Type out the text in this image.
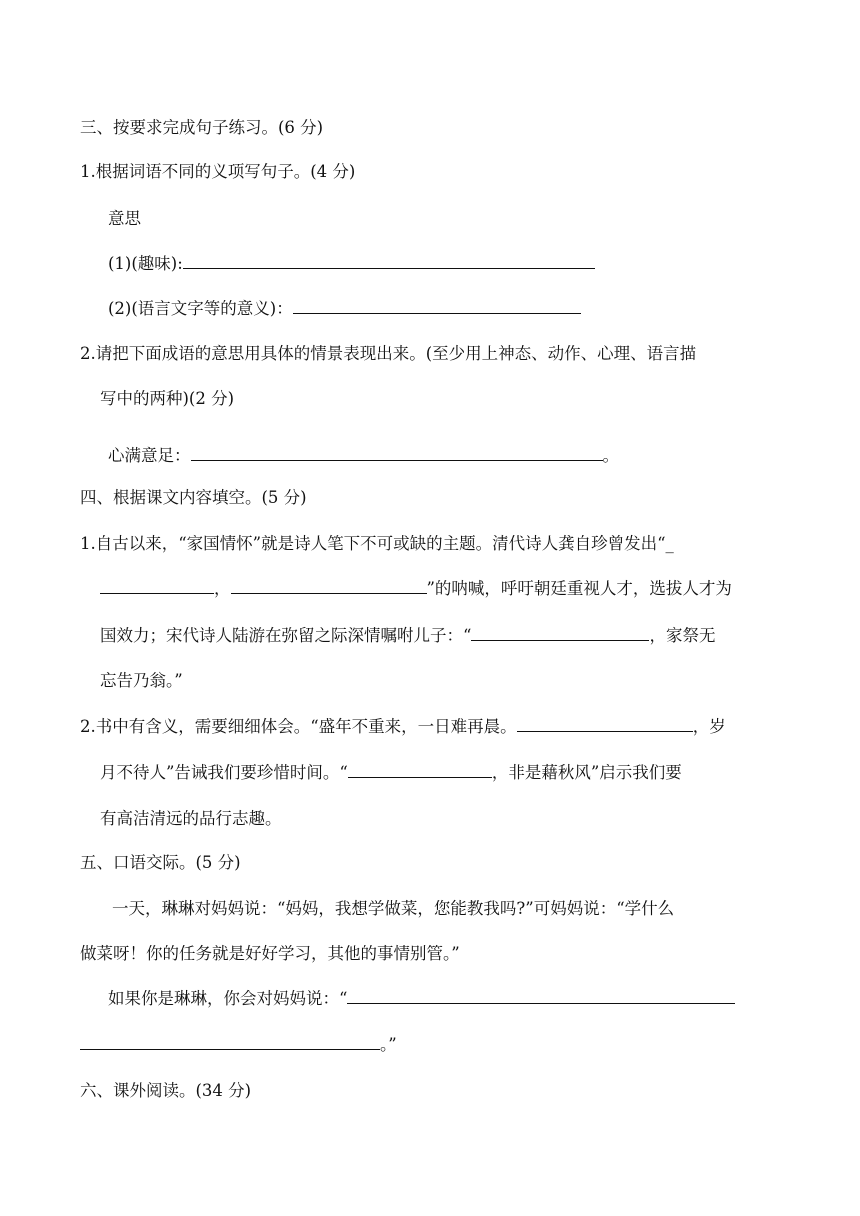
三、按要求完成句子练习。(6 分)
1.根据词语不同的义项写句子。(4 分)
意思
(1)(趣味):
(2)(语言文字等的意义)：
2.请把下面成语的意思用具体的情景表现出来。(至少用上神态、动作、心理、语言描
写中的两种)(2 分)
心满意足：	。
四、根据课文内容填空。(5 分)
1.自古以来，“家国情怀”就是诗人笔下不可或缺的主题。清代诗人龚自珍曾发出“_
，	”的呐喊，呼吁朝廷重视人才，选拔人才为
国效力；宋代诗人陆游在弥留之际深情嘱咐儿子：“	，家祭无
忘告乃翁。”
2.书中有含义，需要细细体会。“盛年不重来，一日难再晨。	，岁
月不待人”告诫我们要珍惜时间。“	，非是藉秋风”启示我们要
有高洁清远的品行志趣。
五、口语交际。(5 分)
一天，琳琳对妈妈说：“妈妈，我想学做菜，您能教我吗?”可妈妈说：“学什么
做菜呀！你的任务就是好好学习，其他的事情别管。”
如果你是琳琳，你会对妈妈说：“
。”
六、课外阅读。(34 分)
